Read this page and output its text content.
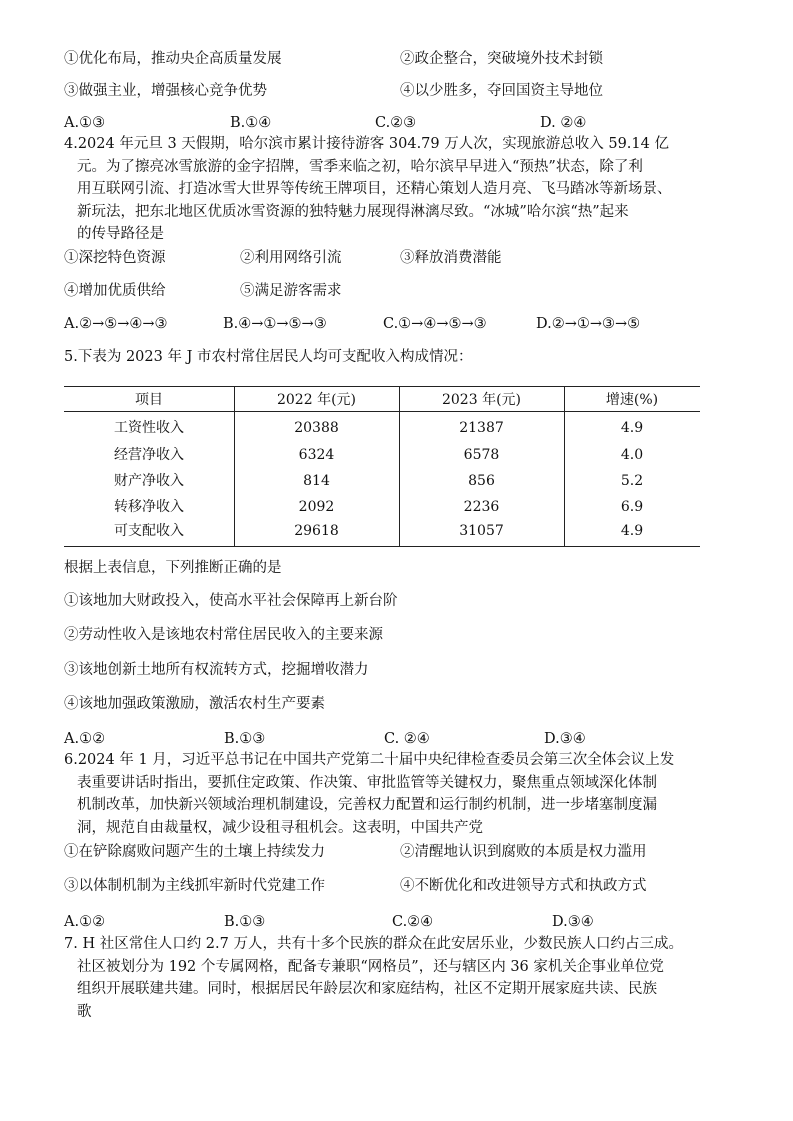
①优化布局，推动央企高质量发展	②政企整合，突破境外技术封锁
③做强主业，增强核心竞争优势	④以少胜多，夺回国资主导地位
A.①③	B.①④	C.②③	D. ②④
4.2024 年元旦 3 天假期，哈尔滨市累计接待游客 304.79 万人次，实现旅游总收入 59.14 亿
元。为了擦亮冰雪旅游的金字招牌，雪季来临之初，哈尔滨早早进入“预热”状态，除了利
用互联网引流、打造冰雪大世界等传统王牌项目，还精心策划人造月亮、飞马踏冰等新场景、
新玩法，把东北地区优质冰雪资源的独特魅力展现得淋漓尽致。“冰城”哈尔滨“热”起来
的传导路径是
①深挖特色资源	②利用网络引流	③释放消费潜能
④增加优质供给	⑤满足游客需求
A.②→⑤→④→③	B.④→①→⑤→③	C.①→④→⑤→③	D.②→①→③→⑤
5.下表为 2023 年 J 市农村常住居民人均可支配收入构成情况：
项目	2022 年(元)	2023 年(元)	增速(%)
工资性收入	20388	21387	4.9
经营净收入	6324	6578	4.0
财产净收入	814	856	5.2
转移净收入	2092	2236	6.9
可支配收入	29618	31057	4.9
根据上表信息，下列推断正确的是
①该地加大财政投入，使高水平社会保障再上新台阶
②劳动性收入是该地农村常住居民收入的主要来源
③该地创新土地所有权流转方式，挖掘增收潜力
④该地加强政策激励，激活农村生产要素
A.①②	B.①③	C. ②④	D.③④
6.2024 年 1 月，习近平总书记在中国共产党第二十届中央纪律检查委员会第三次全体会议上发
表重要讲话时指出，要抓住定政策、作决策、审批监管等关键权力，聚焦重点领域深化体制
机制改革，加快新兴领域治理机制建设，完善权力配置和运行制约机制，进一步堵塞制度漏
洞，规范自由裁量权，减少设租寻租机会。这表明，中国共产党
①在铲除腐败问题产生的土壤上持续发力	②清醒地认识到腐败的本质是权力滥用
③以体制机制为主线抓牢新时代党建工作	④不断优化和改进领导方式和执政方式
A.①②	B.①③	C.②④	D.③④
7. H 社区常住人口约 2.7 万人，共有十多个民族的群众在此安居乐业，少数民族人口约占三成。
社区被划分为 192 个专属网格，配备专兼职“网格员”，还与辖区内 36 家机关企事业单位党
组织开展联建共建。同时，根据居民年龄层次和家庭结构，社区不定期开展家庭共读、民族
歌
